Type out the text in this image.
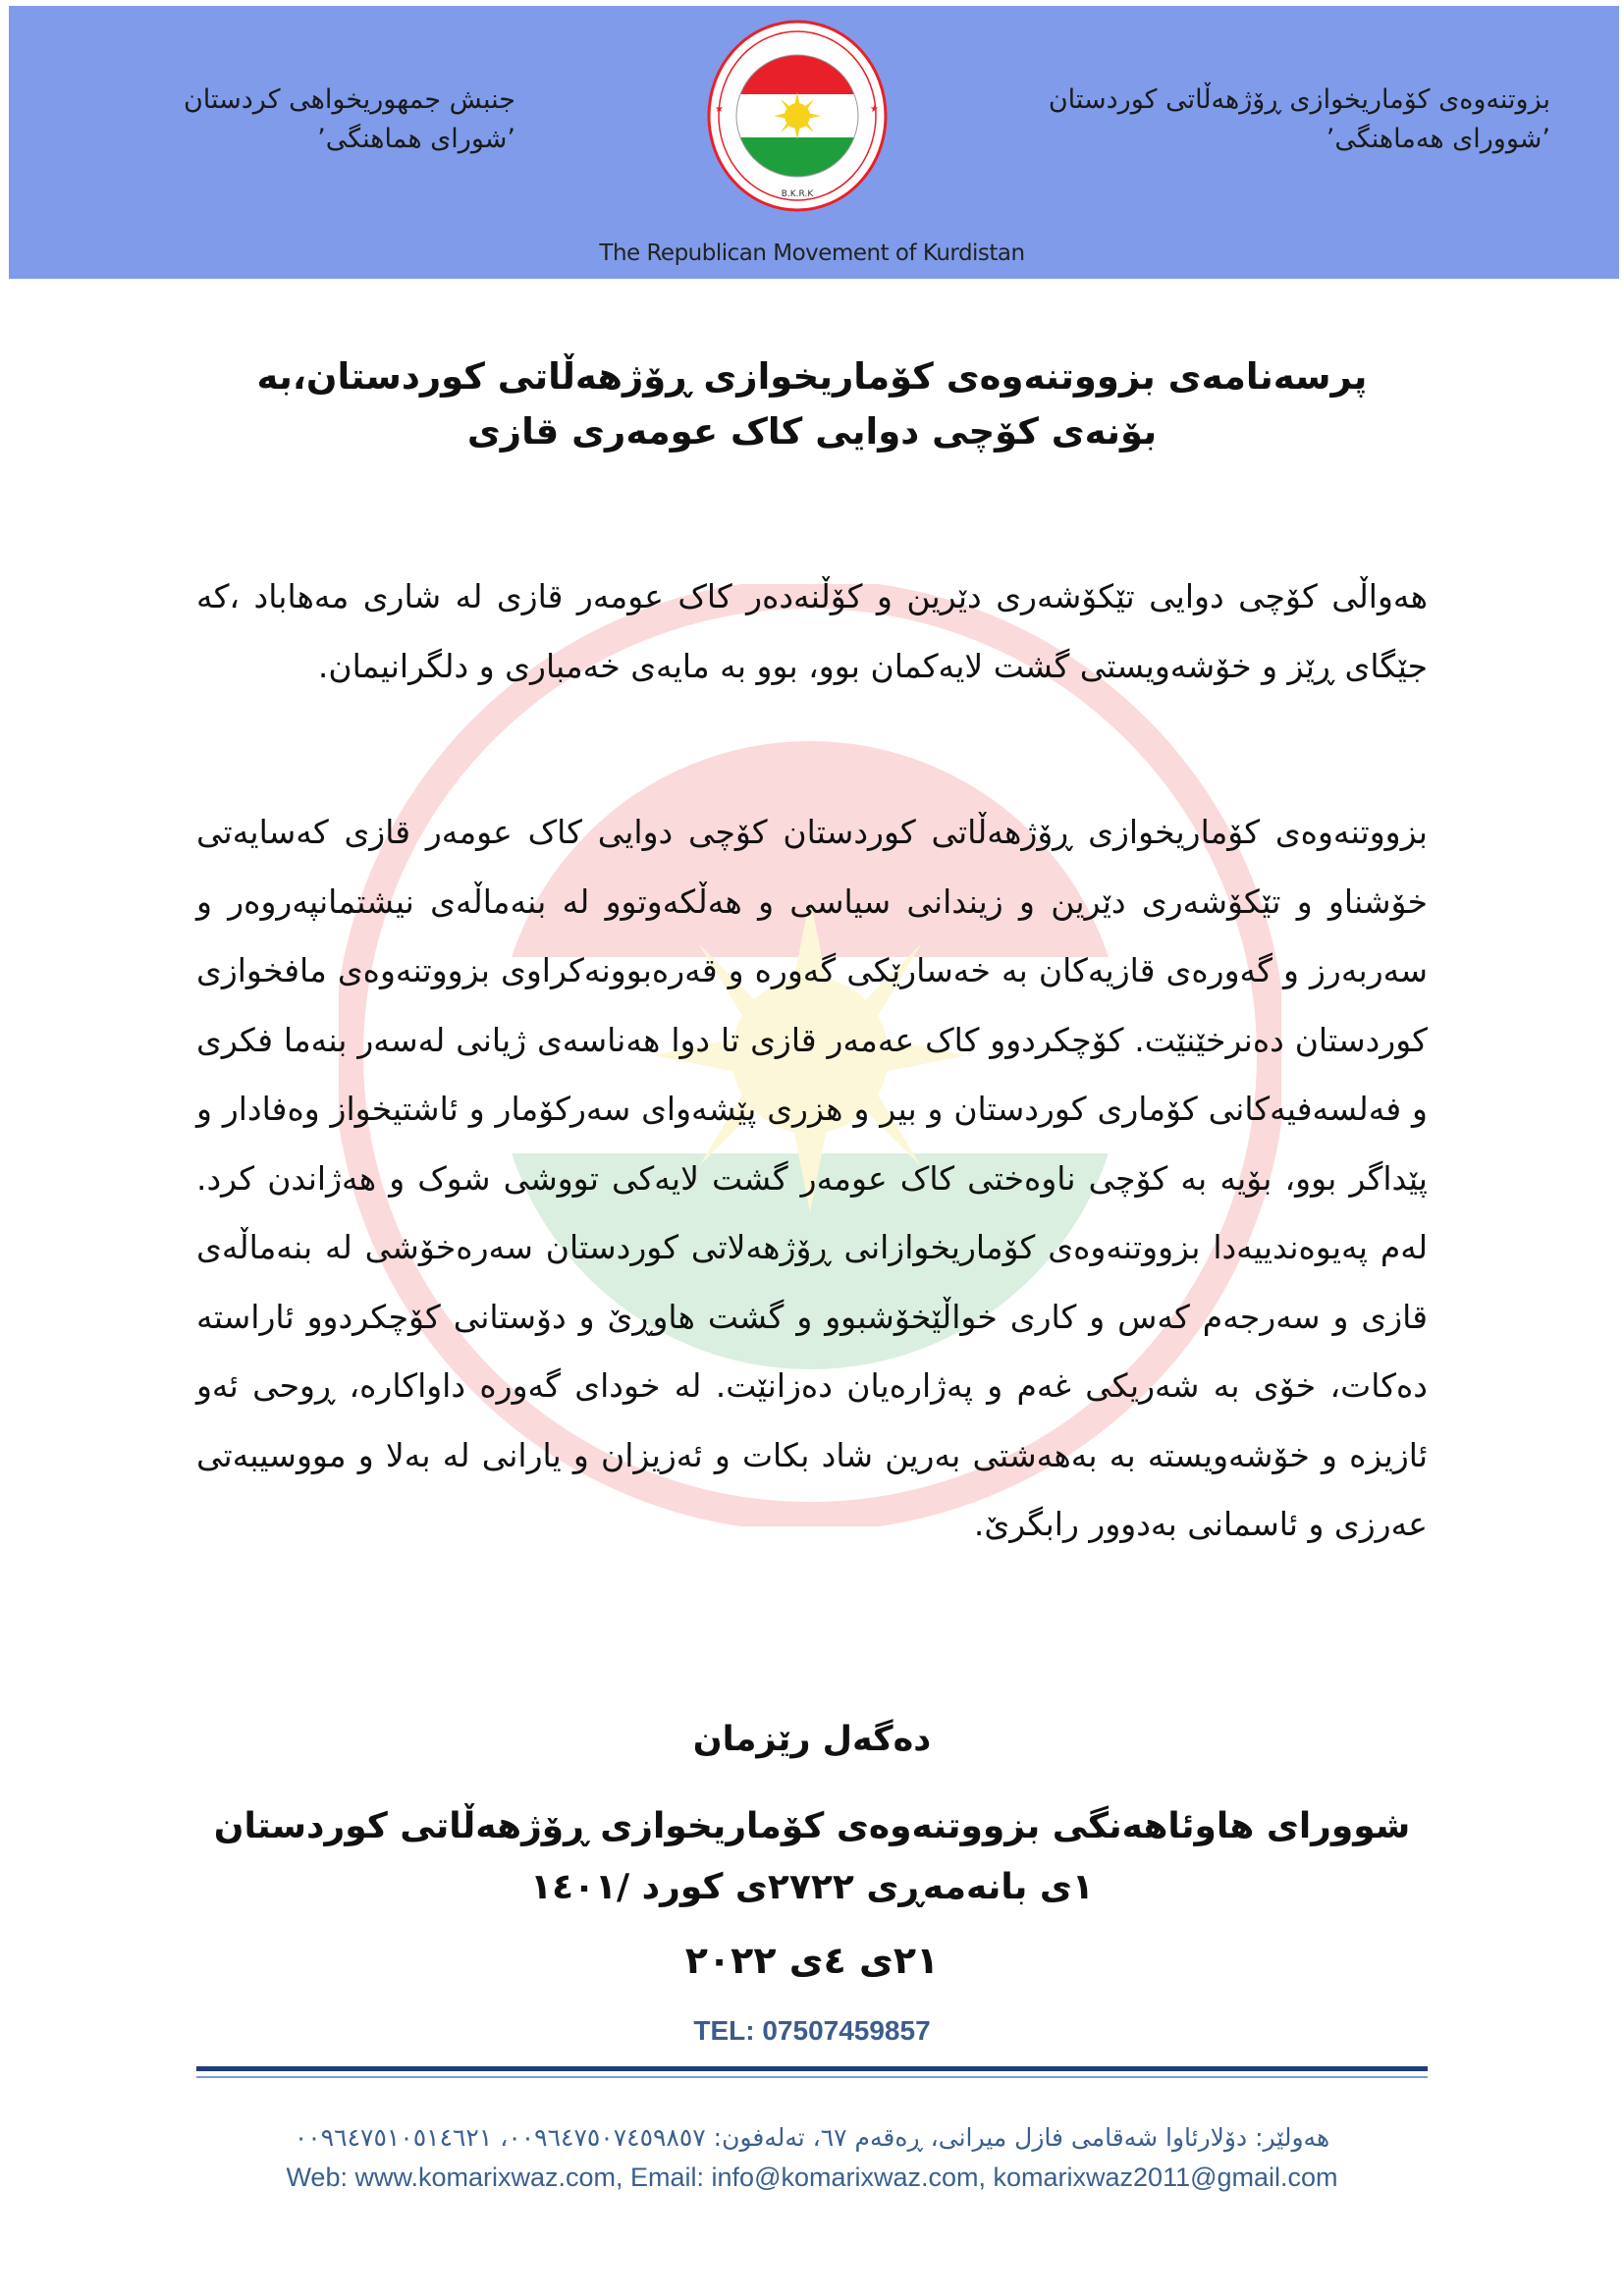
بزوتنەوەی کۆماریخوازی ڕۆژهەڵاتی کوردستان
’شووراى هەماهنگی’
جنبش جمهوریخواهی کردستان
’شورای هماهنگی’
★	★
B.K.R.K
The Republican Movement of Kurdistan
پرسەنامەی بزووتنەوەی کۆماریخوازی ڕۆژهەڵاتی کوردستان،بە
بۆنەی کۆچی دوایی کاک عومەری قازی
هەواڵی کۆچی دوایی تێکۆشەری دێرین و کۆڵنەدەر کاک عومەر قازی لە شاری مەهاباد ،کە جێگای ڕێز و خۆشەویستی گشت لایەکمان بوو، بوو بە مایەی خەمباری و دلگرانیمان.
بزووتنەوەی کۆماریخوازی ڕۆژهەڵاتی کوردستان کۆچی دوایی کاک عومەر قازی کەسایەتی خۆشناو و تێکۆشەری دێرین و زیندانی سیاسی و هەڵکەوتوو لە بنەماڵەی نیشتمانپەروەر و سەربەرز و گەورەی قازیەکان بە خەسارێکی گەورە و قەرەبوونەکراوی بزووتنەوەی مافخوازی کوردستان دەنرخێنێت. کۆچکردوو کاک عەمەر قازی تا دوا هەناسەی ژیانی لەسەر بنەما فکری و فەلسەفیەکانی کۆماری کوردستان و بیر و هزری پێشەوای سەرکۆمار و ئاشتیخواز وەفادار و پێداگر بوو، بۆیە بە کۆچی ناوەختی کاک عومەر گشت لایەکی تووشی شوک و هەژاندن کرد. لەم پەیوەندییەدا بزووتنەوەی کۆماریخوازانی ڕۆژهەلاتی کوردستان سەرەخۆشی لە بنەماڵەی قازی و سەرجەم کەس و کاری خواڵێخۆشبوو و گشت هاوڕێ و دۆستانی کۆچکردوو ئاراستە دەکات، خۆی بە شەریکی غەم و پەژارەیان دەزانێت. لە خودای گەورە داواکارە، ڕوحی ئەو ئازیزە و خۆشەویستە بە بەهەشتی بەرین شاد بکات و ئەزیزان و یارانی لە بەلا و مووسیبەتی عەرزی و ئاسمانی بەدوور رابگرێ.
دەگەل رێزمان
شووراى هاوئاهەنگی بزووتنەوەی کۆماریخوازی ڕۆژهەڵاتی کوردستان
١ی بانەمەڕی ٢٧٢٢ی کورد /١٤٠١
٢١ی ٤ی ٢٠٢٢
TEL: 07507459857
هەولێر: دۆلارئاوا شەقامی فازل میرانی، ڕەقەم ٦٧، تەلەفون: ٠٠٩٦٤٧٥٠٧٤٥٩٨٥٧، ٠٠٩٦٤٧٥١٠٥١٤٦٢١
Web: www.komarixwaz.com, Email: info@komarixwaz.com, komarixwaz2011@gmail.com
